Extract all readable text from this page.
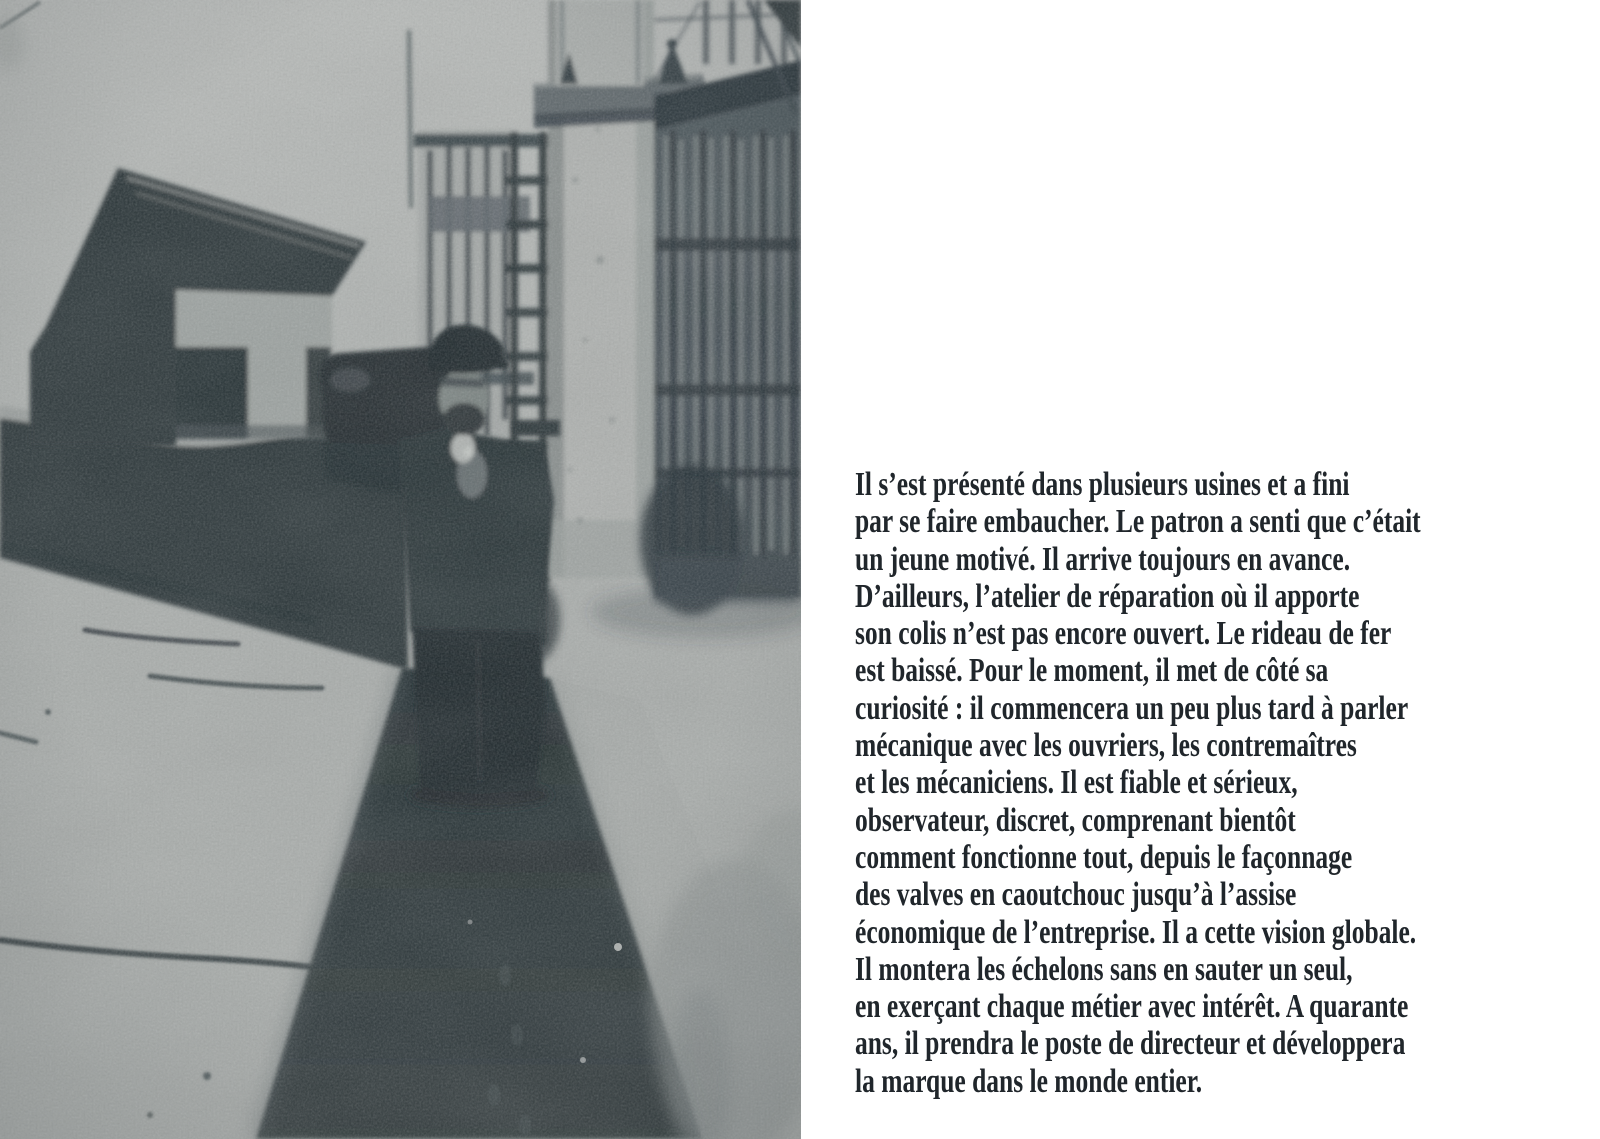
Il s’est présenté dans plusieurs usines et a fini
par se faire embaucher. Le patron a senti que c’était
un jeune motivé. Il arrive toujours en avance.
D’ailleurs, l’atelier de réparation où il apporte
son colis n’est pas encore ouvert. Le rideau de fer
est baissé. Pour le moment, il met de côté sa
curiosité : il commencera un peu plus tard à parler
mécanique avec les ouvriers, les contremaîtres
et les mécaniciens. Il est fiable et sérieux,
observateur, discret, comprenant bientôt
comment fonctionne tout, depuis le façonnage
des valves en caoutchouc jusqu’à l’assise
économique de l’entreprise. Il a cette vision globale.
Il montera les échelons sans en sauter un seul,
en exerçant chaque métier avec intérêt. A quarante
ans, il prendra le poste de directeur et développera
la marque dans le monde entier.
